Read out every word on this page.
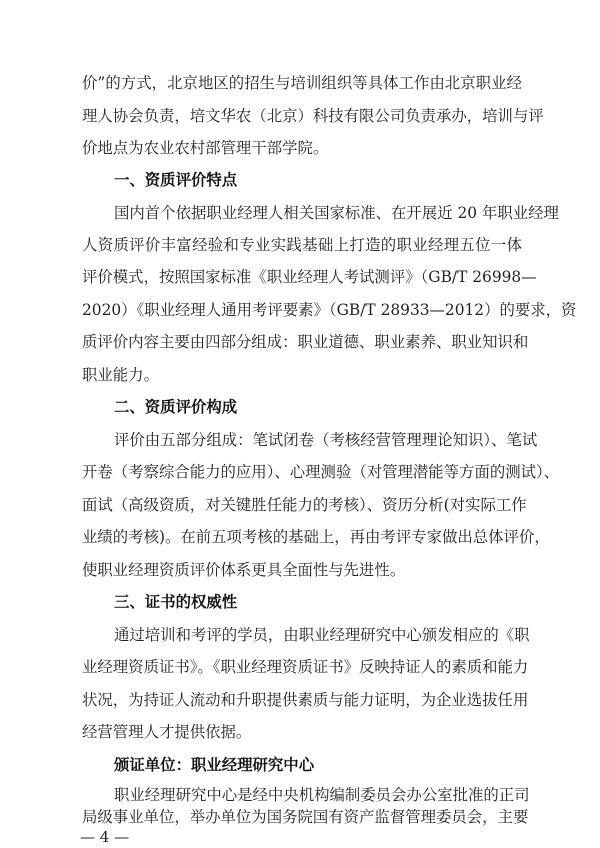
价”的方式，北京地区的招生与培训组织等具体工作由北京职业经
理人协会负责，培文华农（北京）科技有限公司负责承办，培训与评
价地点为农业农村部管理干部学院。
一、资质评价特点
国内首个依据职业经理人相关国家标准、在开展近 20 年职业经理
人资质评价丰富经验和专业实践基础上打造的职业经理五位一体
评价模式，按照国家标准《职业经理人考试测评》（GB/T 26998—
2020）《职业经理人通用考评要素》（GB/T 28933—2012）的要求，资
质评价内容主要由四部分组成：职业道德、职业素养、职业知识和
职业能力。
二、资质评价构成
评价由五部分组成：笔试闭卷（考核经营管理理论知识）、笔试
开卷（考察综合能力的应用）、心理测验（对管理潜能等方面的测试）、
面试（高级资质，对关键胜任能力的考核）、资历分析(对实际工作
业绩的考核)。在前五项考核的基础上，再由考评专家做出总体评价，
使职业经理资质评价体系更具全面性与先进性。
三、证书的权威性
通过培训和考评的学员，由职业经理研究中心颁发相应的《职
业经理资质证书》。《职业经理资质证书》反映持证人的素质和能力
状况，为持证人流动和升职提供素质与能力证明，为企业选拔任用
经营管理人才提供依据。
颁证单位：职业经理研究中心
职业经理研究中心是经中央机构编制委员会办公室批准的正司
局级事业单位，举办单位为国务院国有资产监督管理委员会，主要
— 4 —
